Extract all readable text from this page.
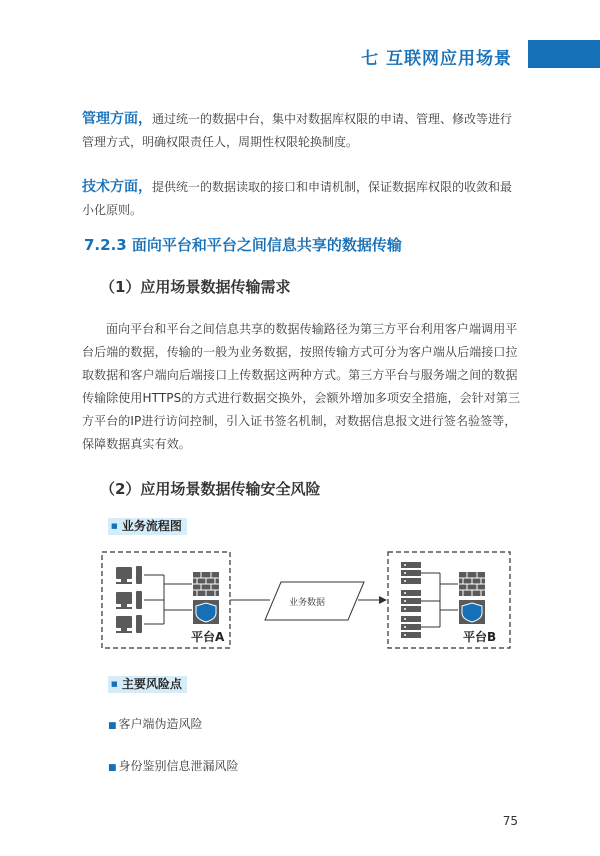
七 互联网应用场景

管理方面，通过统一的数据中台，集中对数据库权限的申请、管理、修改等进行管理方式，明确权限责任人，周期性权限轮换制度。

技术方面，提供统一的数据读取的接口和申请机制，保证数据库权限的收敛和最小化原则。

7.2.3 面向平台和平台之间信息共享的数据传输
（1）应用场景数据传输需求

面向平台和平台之间信息共享的数据传输路径为第三方平台利用客户端调用平台后端的数据，传输的一般为业务数据，按照传输方式可分为客户端从后端接口拉取数据和客户端向后端接口上传数据这两种方式。第三方平台与服务端之间的数据传输除使用HTTPS的方式进行数据交换外，会额外增加多项安全措施，会针对第三方平台的IP进行访问控制，引入证书签名机制，对数据信息报文进行签名验签等，保障数据真实有效。

（2）应用场景数据传输安全风险
■ 业务流程图
平台A
业务数据
平台B
■ 主要风险点
■ 客户端伪造风险
■ 身份鉴别信息泄漏风险
75
